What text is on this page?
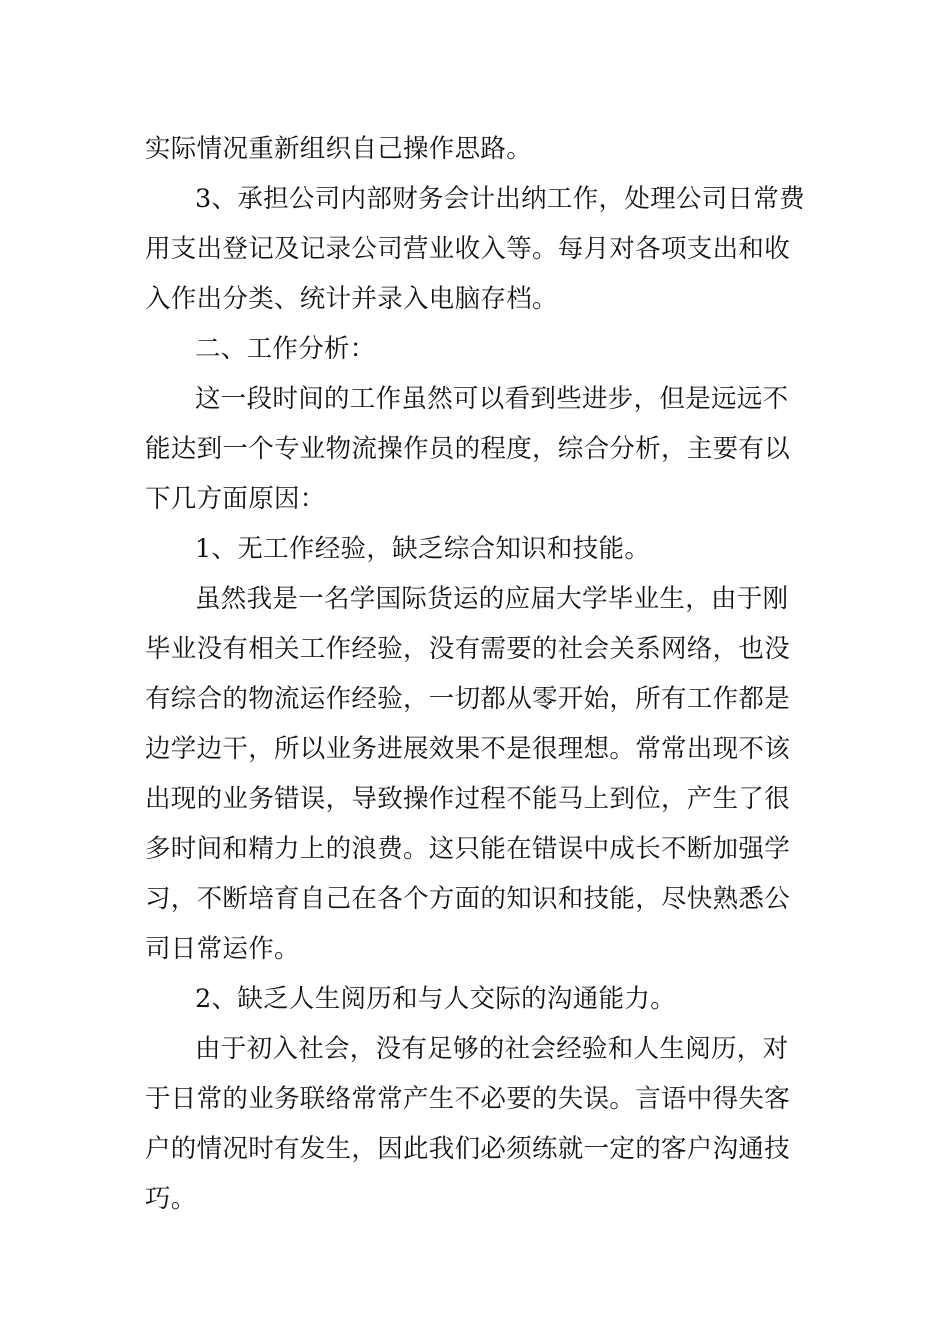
实际情况重新组织自己操作思路。
3、承担公司内部财务会计出纳工作，处理公司日常费
用支出登记及记录公司营业收入等。每月对各项支出和收
入作出分类、统计并录入电脑存档。
二、工作分析：
这一段时间的工作虽然可以看到些进步，但是远远不
能达到一个专业物流操作员的程度，综合分析，主要有以
下几方面原因：
1、无工作经验，缺乏综合知识和技能。
虽然我是一名学国际货运的应届大学毕业生，由于刚
毕业没有相关工作经验，没有需要的社会关系网络，也没
有综合的物流运作经验，一切都从零开始，所有工作都是
边学边干，所以业务进展效果不是很理想。常常出现不该
出现的业务错误，导致操作过程不能马上到位，产生了很
多时间和精力上的浪费。这只能在错误中成长不断加强学
习，不断培育自己在各个方面的知识和技能，尽快熟悉公
司日常运作。
2、缺乏人生阅历和与人交际的沟通能力。
由于初入社会，没有足够的社会经验和人生阅历，对
于日常的业务联络常常产生不必要的失误。言语中得失客
户的情况时有发生，因此我们必须练就一定的客户沟通技
巧。
